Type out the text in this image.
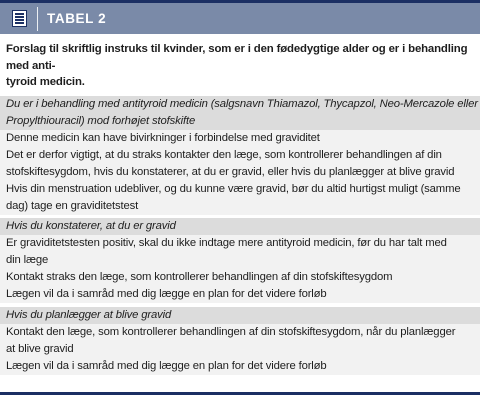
TABEL 2
Forslag til skriftlig instruks til kvinder, som er i den fødedygtige alder og er i behandling med anti-
tyroid medicin.
Du er i behandling med antityroid medicin (salgsnavn Thiamazol, Thycapzol, Neo-Mercazole eller
Propylthiouracil) mod forhøjet stofskifte
Denne medicin kan have bivirkninger i forbindelse med graviditet
Det er derfor vigtigt, at du straks kontakter den læge, som kontrollerer behandlingen af din
stofskiftesygdom, hvis du konstaterer, at du er gravid, eller hvis du planlægger at blive gravid
Hvis din menstruation udebliver, og du kunne være gravid, bør du altid hurtigst muligt (samme
dag) tage en graviditetstest
Hvis du konstaterer, at du er gravid
Er graviditetstesten positiv, skal du ikke indtage mere antityroid medicin, før du har talt med
din læge
Kontakt straks den læge, som kontrollerer behandlingen af din stofskiftesygdom
Lægen vil da i samråd med dig lægge en plan for det videre forløb
Hvis du planlægger at blive gravid
Kontakt den læge, som kontrollerer behandlingen af din stofskiftesygdom, når du planlægger
at blive gravid
Lægen vil da i samråd med dig lægge en plan for det videre forløb
